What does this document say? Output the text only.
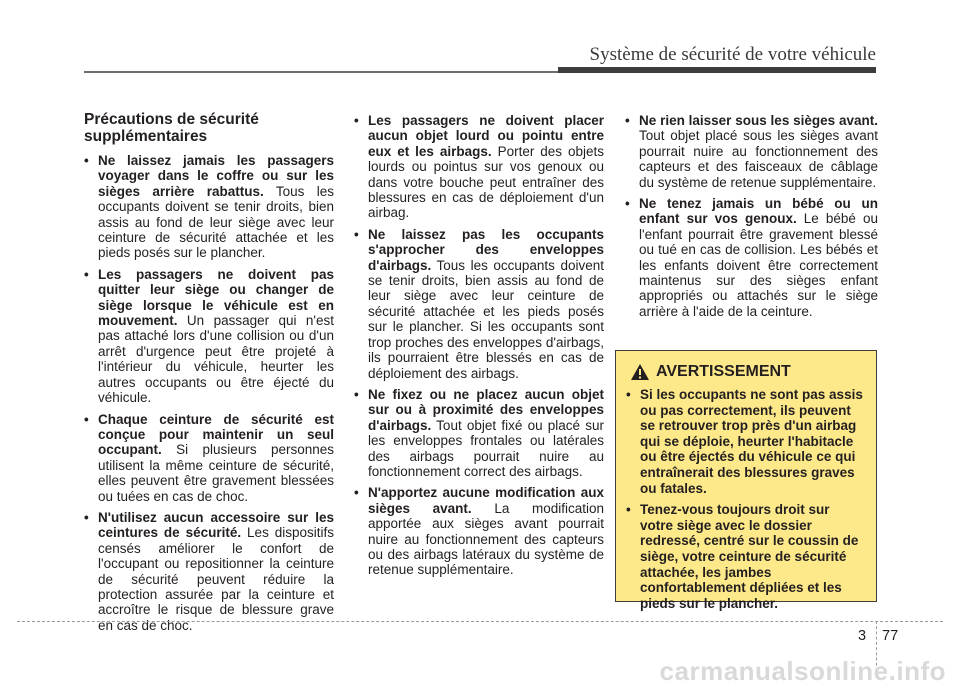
Système de sécurité de votre véhicule
Précautions de sécurité supplémentaires
• Ne laissez jamais les passagers voyager dans le coffre ou sur les sièges arrière rabattus. Tous les occupants doivent se tenir droits, bien assis au fond de leur siège avec leur ceinture de sécurité attachée et les pieds posés sur le plancher.
• Les passagers ne doivent pas quitter leur siège ou changer de siège lorsque le véhicule est en mouvement. Un passager qui n'est pas attaché lors d'une collision ou d'un arrêt d'urgence peut être projeté à l'intérieur du véhicule, heurter les autres occupants ou être éjecté du véhicule.
• Chaque ceinture de sécurité est conçue pour maintenir un seul occupant. Si plusieurs personnes utilisent la même ceinture de sécurité, elles peuvent être gravement blessées ou tuées en cas de choc.
• N'utilisez aucun accessoire sur les ceintures de sécurité. Les dispositifs censés améliorer le confort de l'occupant ou repositionner la ceinture de sécurité peuvent réduire la protection assurée par la ceinture et accroître le risque de blessure grave en cas de choc.
• Les passagers ne doivent placer aucun objet lourd ou pointu entre eux et les airbags. Porter des objets lourds ou pointus sur vos genoux ou dans votre bouche peut entraîner des blessures en cas de déploiement d'un airbag.
• Ne laissez pas les occupants s'approcher des enveloppes d'airbags. Tous les occupants doivent se tenir droits, bien assis au fond de leur siège avec leur ceinture de sécurité attachée et les pieds posés sur le plancher. Si les occupants sont trop proches des enveloppes d'airbags, ils pourraient être blessés en cas de déploiement des airbags.
• Ne fixez ou ne placez aucun objet sur ou à proximité des enveloppes d'airbags. Tout objet fixé ou placé sur les enveloppes frontales ou latérales des airbags pourrait nuire au fonctionnement correct des airbags.
• N'apportez aucune modification aux sièges avant. La modification apportée aux sièges avant pourrait nuire au fonctionnement des capteurs ou des airbags latéraux du système de retenue supplémentaire.
• Ne rien laisser sous les sièges avant. Tout objet placé sous les sièges avant pourrait nuire au fonctionnement des capteurs et des faisceaux de câblage du système de retenue supplémentaire.
• Ne tenez jamais un bébé ou un enfant sur vos genoux. Le bébé ou l'enfant pourrait être gravement blessé ou tué en cas de collision. Les bébés et les enfants doivent être correctement maintenus sur des sièges enfant appropriés ou attachés sur le siège arrière à l'aide de la ceinture.
AVERTISSEMENT
• Si les occupants ne sont pas assis ou pas correctement, ils peuvent se retrouver trop près d'un airbag qui se déploie, heurter l'habitacle ou être éjectés du véhicule ce qui entraînerait des blessures graves ou fatales.
• Tenez-vous toujours droit sur votre siège avec le dossier redressé, centré sur le coussin de siège, votre ceinture de sécurité attachée, les jambes confortablement dépliées et les pieds sur le plancher.
3 77
carmanualsonline.info
